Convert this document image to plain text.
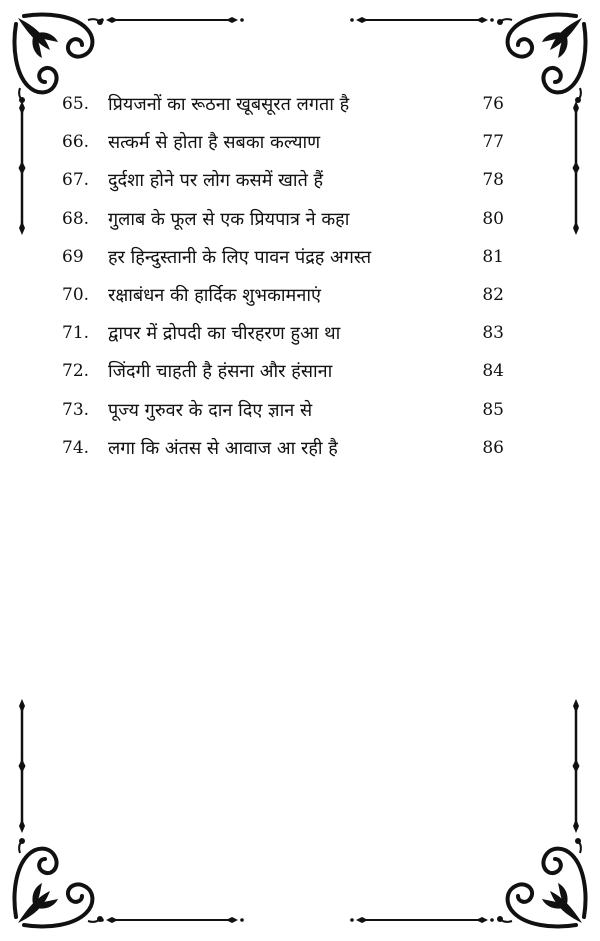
65. प्रियजनों का रूठना खूबसूरत लगता है	76
66. सत्कर्म से होता है सबका कल्याण	77
67. दुर्दशा होने पर लोग कसमें खाते हैं	78
68. गुलाब के फूल से एक प्रियपात्र ने कहा	80
69 हर हिन्दुस्तानी के लिए पावन पंद्रह अगस्त	81
70. रक्षाबंधन की हार्दिक शुभकामनाएं	82
71. द्वापर में द्रोपदी का चीरहरण हुआ था	83
72. जिंदगी चाहती है हंसना और हंसाना	84
73. पूज्य गुरुवर के दान दिए ज्ञान से	85
74. लगा कि अंतस से आवाज आ रही है	86
